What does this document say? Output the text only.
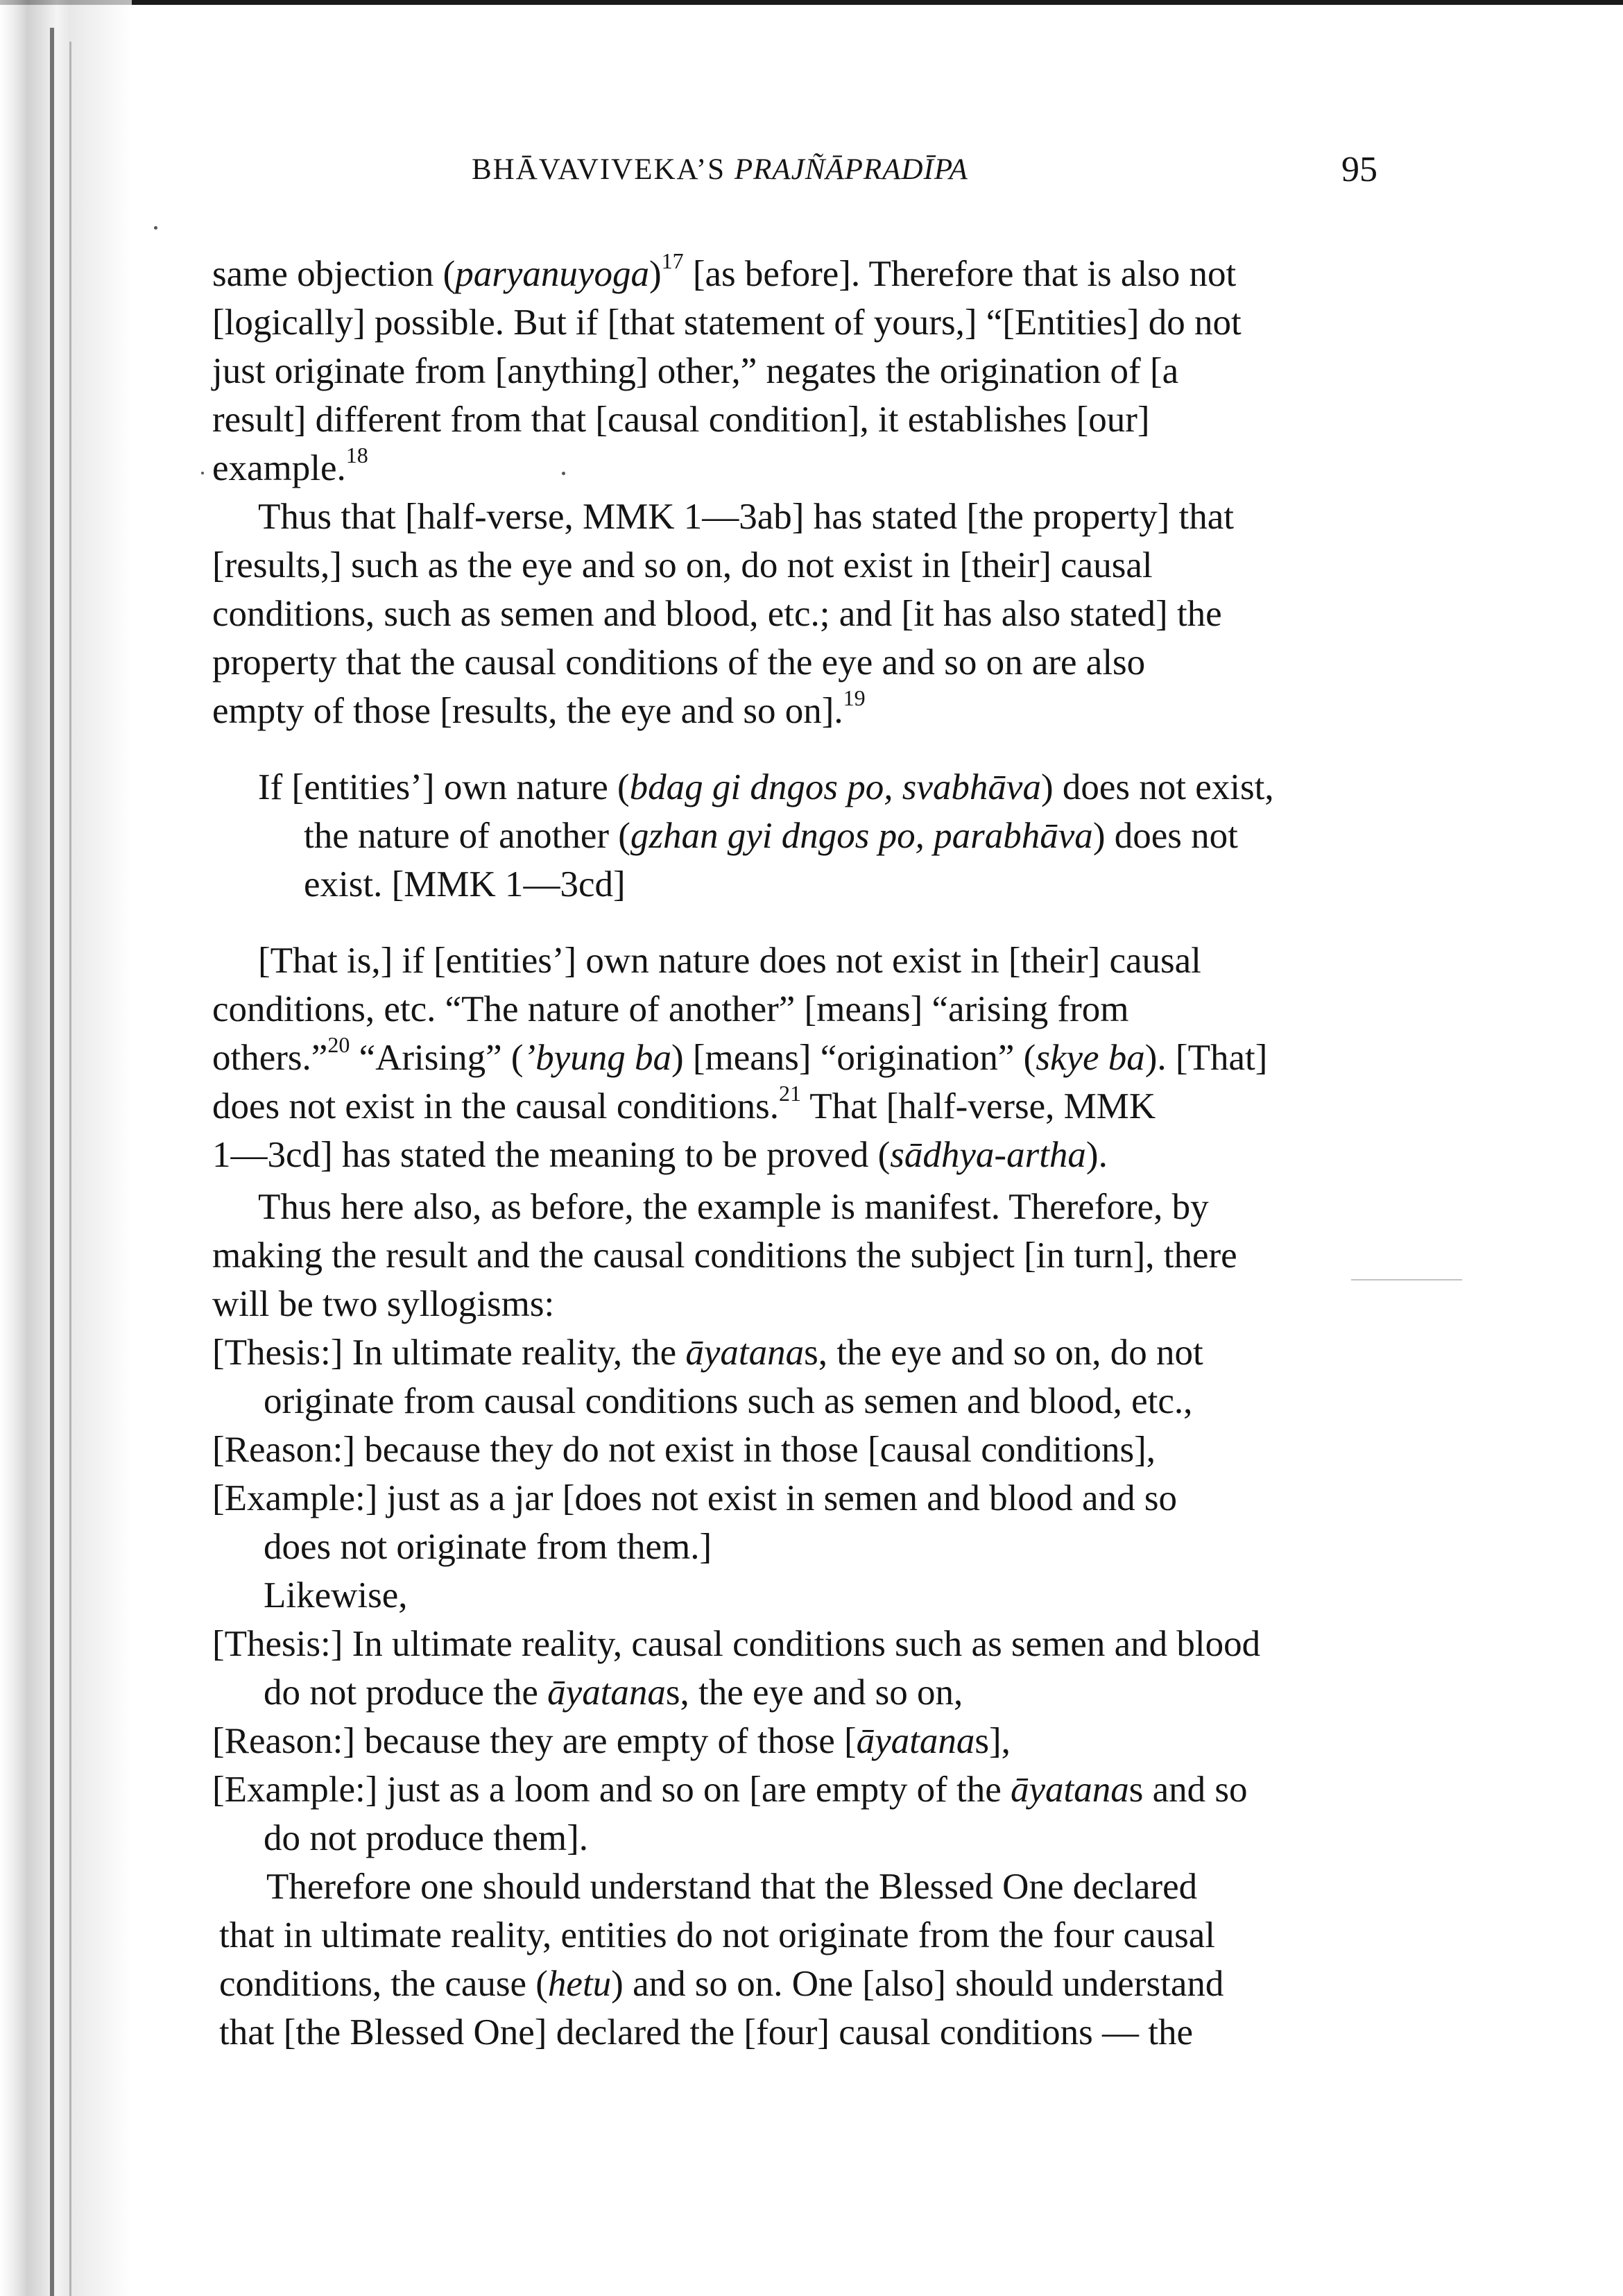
BHĀVAVIVEKA’S PRAJÑĀPRADĪPA	95
same objection (paryanuyoga)$^{17}$ [as before]. Therefore that is also not
[logically] possible. But if [that statement of yours,] “[Entities] do not
just originate from [anything] other,” negates the origination of [a
result] different from that [causal condition], it establishes [our]
example.$^{18}$
Thus that [half-verse, MMK 1—3ab] has stated [the property] that
[results,] such as the eye and so on, do not exist in [their] causal
conditions, such as semen and blood, etc.; and [it has also stated] the
property that the causal conditions of the eye and so on are also
empty of those [results, the eye and so on].$^{19}$
If [entities’] own nature (bdag gi dngos po, svabhāva) does not exist,
the nature of another (gzhan gyi dngos po, parabhāva) does not
exist. [MMK 1—3cd]
[That is,] if [entities’] own nature does not exist in [their] causal
conditions, etc. “The nature of another” [means] “arising from
others.”$^{20}$ “Arising” (’byung ba) [means] “origination” (skye ba). [That]
does not exist in the causal conditions.$^{21}$ That [half-verse, MMK
1—3cd] has stated the meaning to be proved (sādhya-artha).
Thus here also, as before, the example is manifest. Therefore, by
making the result and the causal conditions the subject [in turn], there
will be two syllogisms:
[Thesis:] In ultimate reality, the āyatanas, the eye and so on, do not
originate from causal conditions such as semen and blood, etc.,
[Reason:] because they do not exist in those [causal conditions],
[Example:] just as a jar [does not exist in semen and blood and so
does not originate from them.]
Likewise,
[Thesis:] In ultimate reality, causal conditions such as semen and blood
do not produce the āyatanas, the eye and so on,
[Reason:] because they are empty of those [āyatanas],
[Example:] just as a loom and so on [are empty of the āyatanas and so
do not produce them].
Therefore one should understand that the Blessed One declared
that in ultimate reality, entities do not originate from the four causal
conditions, the cause (hetu) and so on. One [also] should understand
that [the Blessed One] declared the [four] causal conditions — the
